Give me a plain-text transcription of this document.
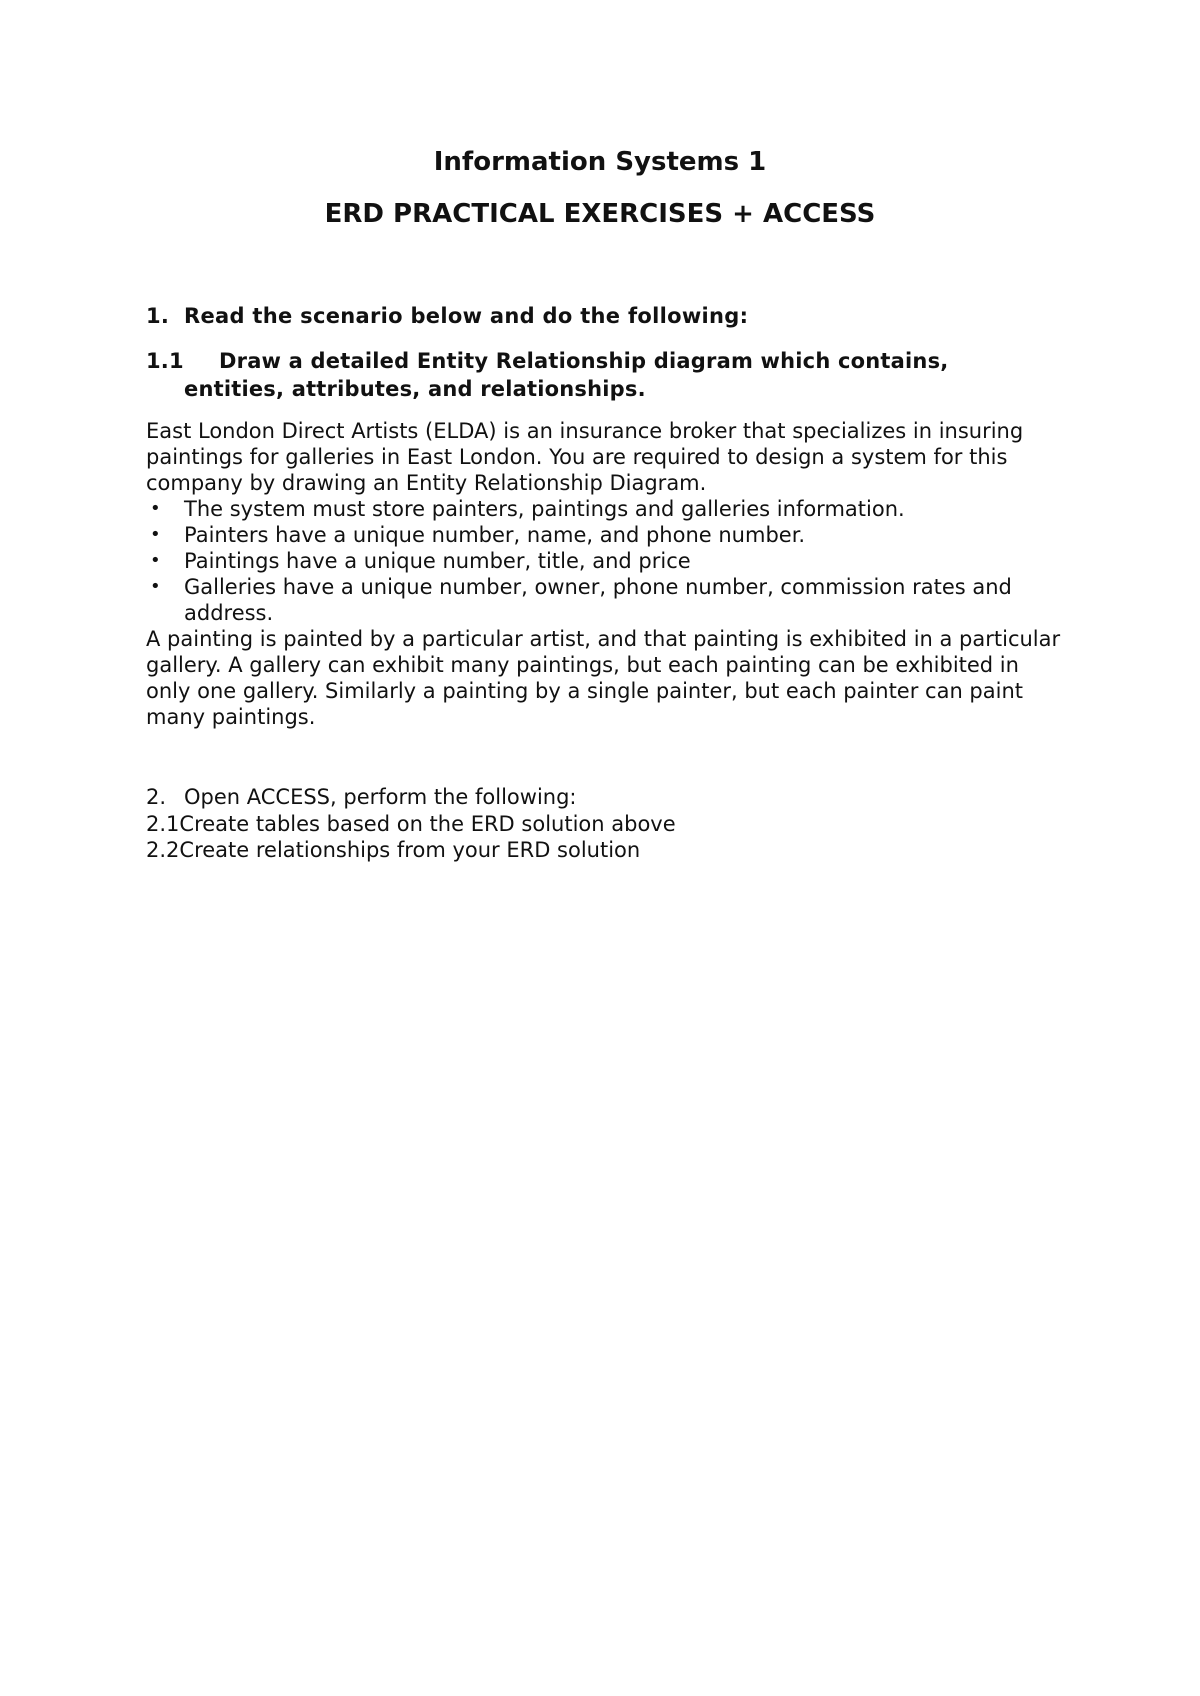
Information Systems 1
ERD PRACTICAL EXERCISES + ACCESS

1. Read the scenario below and do the following:

1.1 Draw a detailed Entity Relationship diagram which contains,
entities, attributes, and relationships.

East London Direct Artists (ELDA) is an insurance broker that specializes in insuring paintings for galleries in East London. You are required to design a system for this company by drawing an Entity Relationship Diagram.

• The system must store painters, paintings and galleries information.
• Painters have a unique number, name, and phone number.
• Paintings have a unique number, title, and price
• Galleries have a unique number, owner, phone number, commission rates and address.

A painting is painted by a particular artist, and that painting is exhibited in a particular gallery. A gallery can exhibit many paintings, but each painting can be exhibited in only one gallery. Similarly a painting by a single painter, but each painter can paint many paintings.

2. Open ACCESS, perform the following:
2.1Create tables based on the ERD solution above
2.2Create relationships from your ERD solution
